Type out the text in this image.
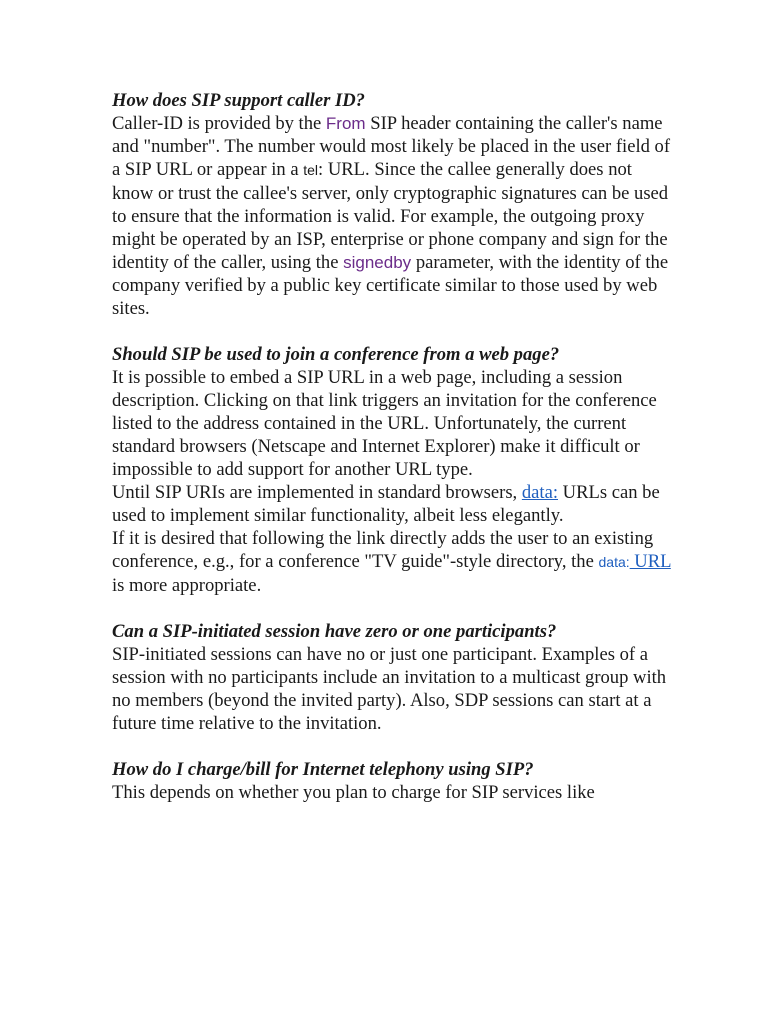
How does SIP support caller ID?

Caller-ID is provided by the From SIP header containing the caller's name and "number". The number would most likely be placed in the user field of a SIP URL or appear in a tel: URL. Since the callee generally does not know or trust the callee's server, only cryptographic signatures can be used to ensure that the information is valid. For example, the outgoing proxy might be operated by an ISP, enterprise or phone company and sign for the identity of the caller, using the signedby parameter, with the identity of the company verified by a public key certificate similar to those used by web sites.

Should SIP be used to join a conference from a web page?

It is possible to embed a SIP URL in a web page, including a session description. Clicking on that link triggers an invitation for the conference listed to the address contained in the URL. Unfortunately, the current standard browsers (Netscape and Internet Explorer) make it difficult or impossible to add support for another URL type.

Until SIP URIs are implemented in standard browsers, data: URLs can be used to implement similar functionality, albeit less elegantly.

If it is desired that following the link directly adds the user to an existing conference, e.g., for a conference "TV guide"-style directory, the data: URL is more appropriate.

Can a SIP-initiated session have zero or one participants?

SIP-initiated sessions can have no or just one participant. Examples of a session with no participants include an invitation to a multicast group with no members (beyond the invited party). Also, SDP sessions can start at a future time relative to the invitation.

How do I charge/bill for Internet telephony using SIP?

This depends on whether you plan to charge for SIP services like
